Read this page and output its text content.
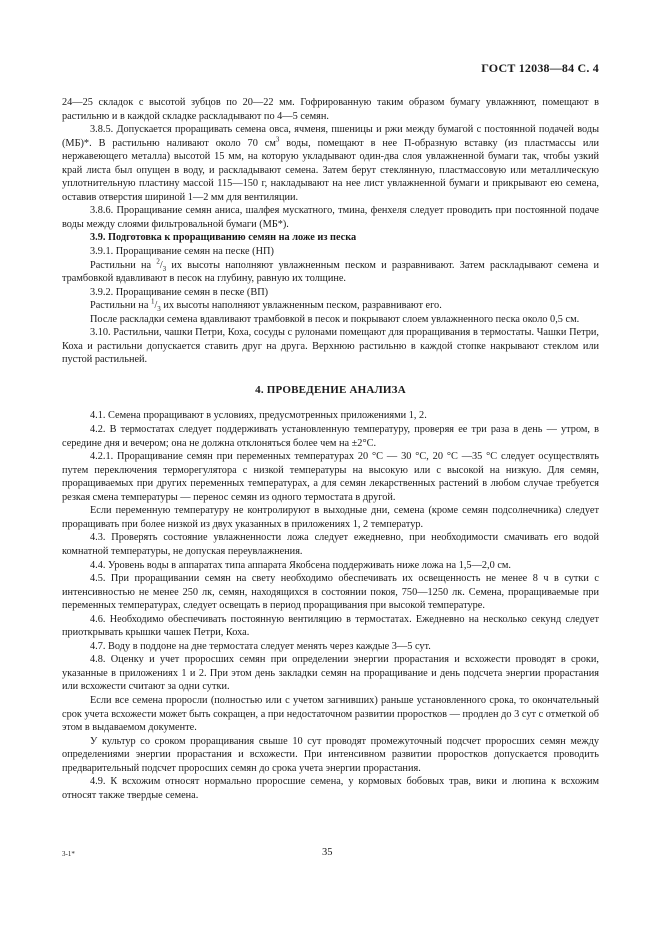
ГОСТ 12038—84 С. 4

24—25 складок с высотой зубцов по 20—22 мм. Гофрированную таким образом бумагу увлажняют, помещают в растильню и в каждой складке раскладывают по 4—5 семян.

3.8.5. Допускается проращивать семена овса, ячменя, пшеницы и ржи между бумагой с постоянной подачей воды (МБ)*. В растильню наливают около 70 $см^3$ воды, помещают в нее П-образную вставку (из пластмассы или нержавеющего металла) высотой 15 мм, на которую укладывают один-два слоя увлажненной бумаги так, чтобы узкий край листа был опущен в воду, и раскладывают семена. Затем берут стеклянную, пластмассовую или металлическую уплотнительную пластину массой 115—150 г, накладывают на нее лист увлажненной бумаги и прикрывают ею семена, оставив отверстия шириной 1—2 мм для вентиляции.

3.8.6. Проращивание семян аниса, шалфея мускатного, тмина, фенхеля следует проводить при постоянной подаче воды между слоями фильтровальной бумаги (МБ*).

3.9. Подготовка к проращиванию семян на ложе из песка

3.9.1. Проращивание семян на песке (НП)

Растильни на $^2/_3$ их высоты наполняют увлажненным песком и разравнивают. Затем раскладывают семена и трамбовкой вдавливают в песок на глубину, равную их толщине.

3.9.2. Проращивание семян в песке (ВП)

Растильни на $^1/_3$ их высоты наполняют увлажненным песком, разравнивают его.

После раскладки семена вдавливают трамбовкой в песок и покрывают слоем увлажненного песка около 0,5 см.

3.10. Растильни, чашки Петри, Коха, сосуды с рулонами помещают для проращивания в термостаты. Чашки Петри, Коха и растильни допускается ставить друг на друга. Верхнюю растильню в каждой стопке накрывают стеклом или пустой растильней.

4. ПРОВЕДЕНИЕ АНАЛИЗА

4.1. Семена проращивают в условиях, предусмотренных приложениями 1, 2.

4.2. В термостатах следует поддерживать установленную температуру, проверяя ее три раза в день — утром, в середине дня и вечером; она не должна отклоняться более чем на ±2°С.

4.2.1. Проращивание семян при переменных температурах 20 °С — 30 °С, 20 °С —35 °С следует осуществлять путем переключения терморегулятора с низкой температуры на высокую или с высокой на низкую. Для семян, проращиваемых при других переменных температурах, а для семян лекарственных растений в любом случае требуется резкая смена температуры — перенос семян из одного термостата в другой.

Если переменную температуру не контролируют в выходные дни, семена (кроме семян подсолнечника) следует проращивать при более низкой из двух указанных в приложениях 1, 2 температур.

4.3. Проверять состояние увлажненности ложа следует ежедневно, при необходимости смачивать его водой комнатной температуры, не допуская переувлажнения.

4.4. Уровень воды в аппаратах типа аппарата Якобсена поддерживать ниже ложа на 1,5—2,0 см.

4.5. При проращивании семян на свету необходимо обеспечивать их освещенность не менее 8 ч в сутки с интенсивностью не менее 250 лк, семян, находящихся в состоянии покоя, 750—1250 лк. Семена, проращиваемые при переменных температурах, следует освещать в период проращивания при высокой температуре.

4.6. Необходимо обеспечивать постоянную вентиляцию в термостатах. Ежедневно на несколько секунд следует приоткрывать крышки чашек Петри, Коха.

4.7. Воду в поддоне на дне термостата следует менять через каждые 3—5 сут.

4.8. Оценку и учет проросших семян при определении энергии прорастания и всхожести проводят в сроки, указанные в приложениях 1 и 2. При этом день закладки семян на проращивание и день подсчета энергии прорастания или всхожести считают за одни сутки.

Если все семена проросли (полностью или с учетом загнивших) раньше установленного срока, то окончательный срок учета всхожести может быть сокращен, а при недостаточном развитии проростков — продлен до 3 сут с отметкой об этом в выдаваемом документе.

У культур со сроком проращивания свыше 10 сут проводят промежуточный подсчет проросших семян между определениями энергии прорастания и всхожести. При интенсивном развитии проростков допускается проводить предварительный подсчет проросших семян до срока учета энергии прорастания.

4.9. К всхожим относят нормально проросшие семена, у кормовых бобовых трав, вики и люпина к всхожим относят также твердые семена.

3-1*	35
